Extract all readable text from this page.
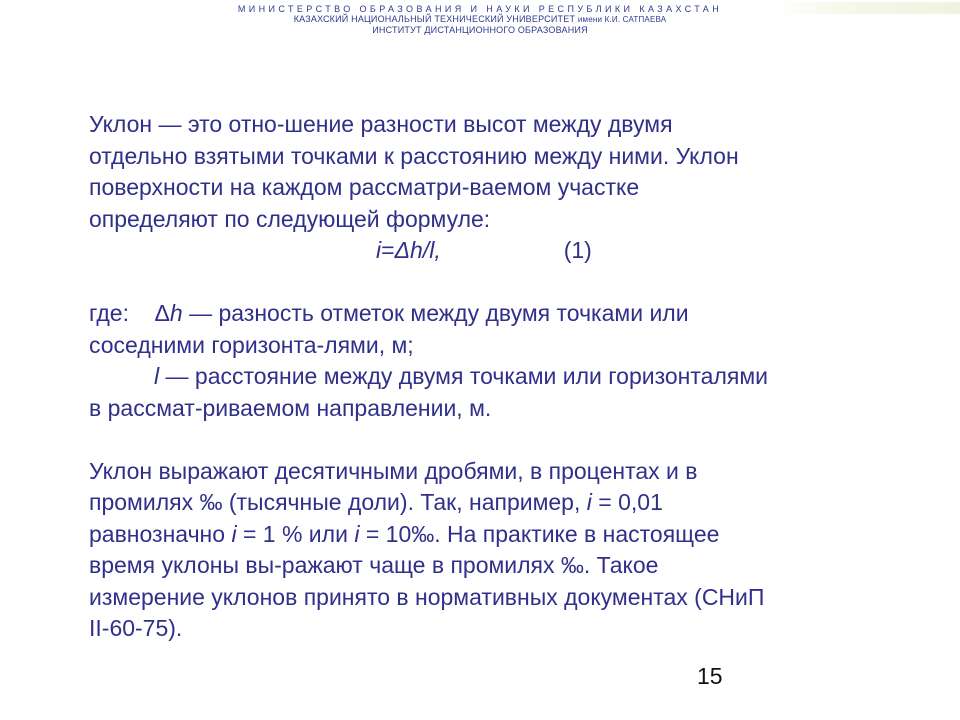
МИНИСТЕРСТВО ОБРАЗОВАНИЯ И НАУКИ РЕСПУБЛИКИ КАЗАХСТАН
КАЗАХСКИЙ НАЦИОНАЛЬНЫЙ ТЕХНИЧЕСКИЙ УНИВЕРСИТЕТ имени К.И. САТПАЕВА
ИНСТИТУТ ДИСТАНЦИОННОГО ОБРАЗОВАНИЯ

Уклон — это отно-шение разности высот между двумя

отдельно взятыми точками к расстоянию между ними. Уклон

поверхности на каждом рассматри-ваемом участке

определяют по следующей формуле:

i=Δh/l,	(1)

где: Δh — разность отметок между двумя точками или

соседними горизонта-лями, м;

l — расстояние между двумя точками или горизонталями

в рассмат-риваемом направлении, м.

Уклон выражают десятичными дробями, в процентах и в

промилях ‰ (тысячные доли). Так, например, i = 0,01

равнозначно i = 1 % или i = 10‰. На практике в настоящее

время уклоны вы-ражают чаще в промилях ‰. Такое

измерение уклонов принято в нормативных документах (СНиП

II-60-75).

15
